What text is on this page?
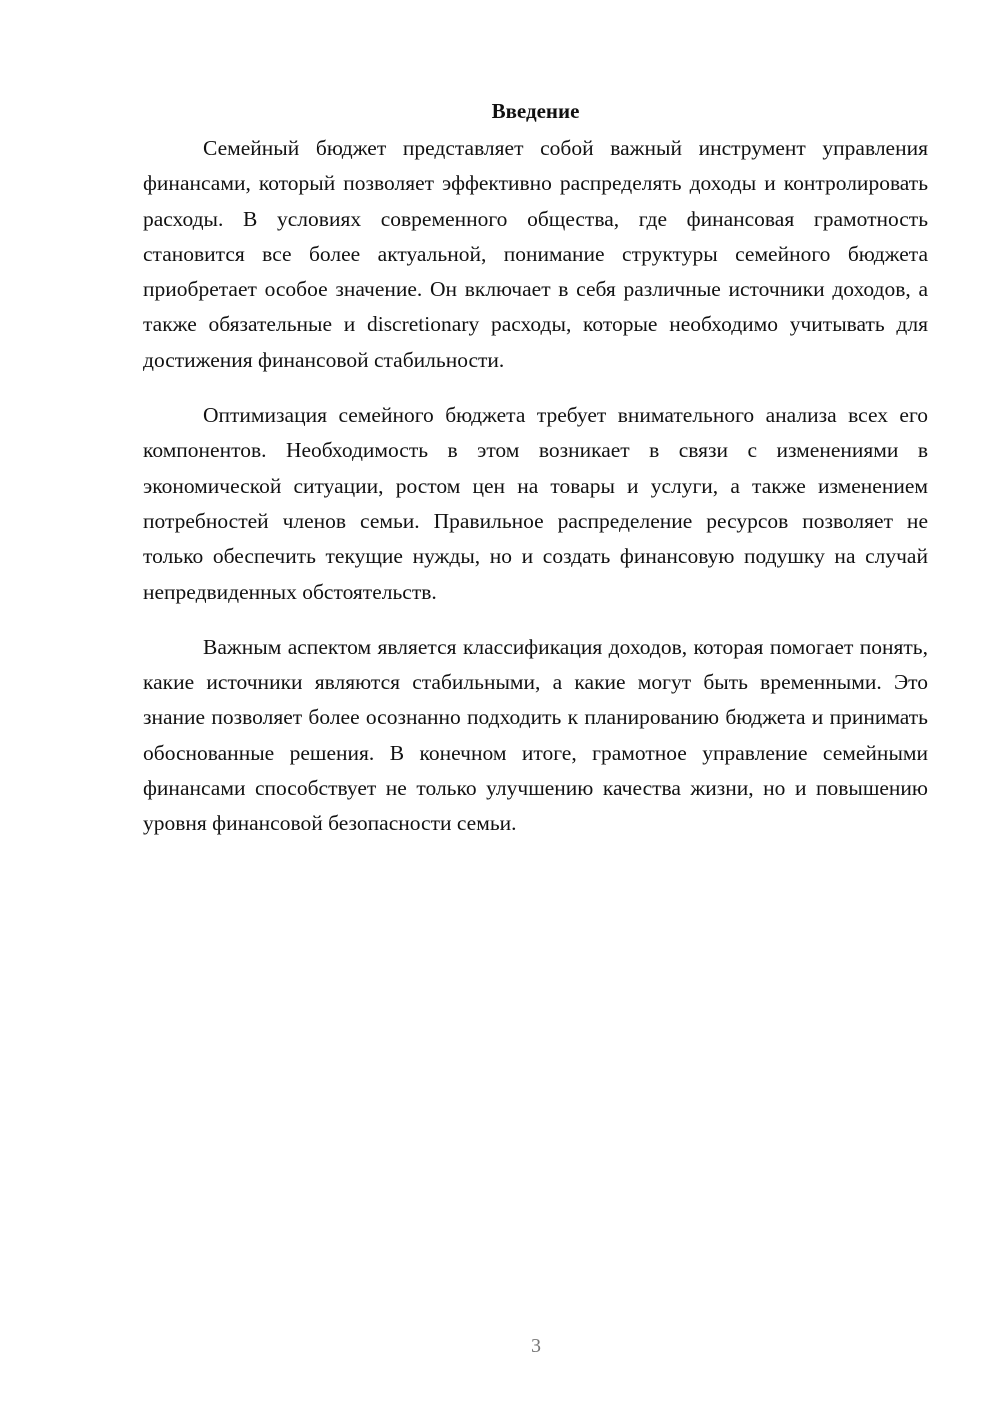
Введение

Семейный бюджет представляет собой важный инструмент управления финансами, который позволяет эффективно распределять доходы и контролировать расходы. В условиях современного общества, где финансовая грамотность становится все более актуальной, понимание структуры семейного бюджета приобретает особое значение. Он включает в себя различные источники доходов, а также обязательные и discretionary расходы, которые необходимо учитывать для достижения финансовой стабильности.

Оптимизация семейного бюджета требует внимательного анализа всех его компонентов. Необходимость в этом возникает в связи с изменениями в экономической ситуации, ростом цен на товары и услуги, а также изменением потребностей членов семьи. Правильное распределение ресурсов позволяет не только обеспечить текущие нужды, но и создать финансовую подушку на случай непредвиденных обстоятельств.

Важным аспектом является классификация доходов, которая помогает понять, какие источники являются стабильными, а какие могут быть временными. Это знание позволяет более осознанно подходить к планированию бюджета и принимать обоснованные решения. В конечном итоге, грамотное управление семейными финансами способствует не только улучшению качества жизни, но и повышению уровня финансовой безопасности семьи.

3
